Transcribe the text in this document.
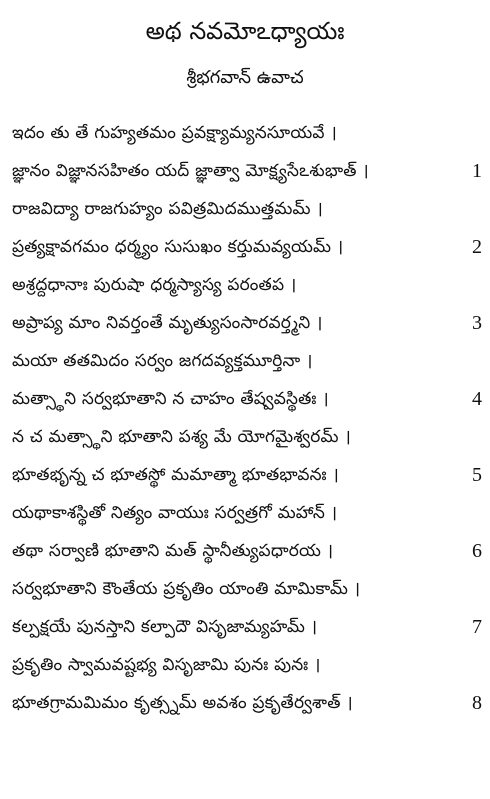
అథ నవమోఽధ్యాయః
శ్రీభగవాన్ ఉవాచ
ఇదం తు తే గుహ్యతమం ప్రవక్ష్యామ్యనసూయవే ।
జ్ఞానం విజ్ఞానసహితం యద్ జ్ఞాత్వా మోక్ష్యసేఽశుభాత్ ।	1
రాజవిద్యా రాజగుహ్యం పవిత్రమిదముత్తమమ్ ।
ప్రత్యక్షావగమం ధర్మ్యం సుసుఖం కర్తుమవ్యయమ్ ।	2
అశ్రద్దధానాః పురుషా ధర్మస్యాస్య పరంతప ।
అప్రాప్య మాం నివర్తంతే మృత్యుసంసారవర్త్మని ।	3
మయా తతమిదం సర్వం జగదవ్యక్తమూర్తినా ।
మత్స్థాని సర్వభూతాని న చాహం తేష్వవస్థితః ।	4
న చ మత్స్థాని భూతాని పశ్య మే యోగమైశ్వరమ్ ।
భూతభృన్న చ భూతస్థో మమాత్మా భూతభావనః ।	5
యథాకాశస్థితో నిత్యం వాయుః సర్వత్రగో మహాన్ ।
తథా సర్వాణి భూతాని మత్ స్థానీత్యుపధారయ ।	6
సర్వభూతాని కౌంతేయ ప్రకృతిం యాంతి మామికామ్ ।
కల్పక్షయే పునస్తాని కల్పాదౌ విసృజామ్యహమ్ ।	7
ప్రకృతిం స్వామవష్టభ్య విసృజామి పునః పునః ।
భూతగ్రామమిమం కృత్స్నమ్ అవశం ప్రకృతేర్వశాత్ ।	8
